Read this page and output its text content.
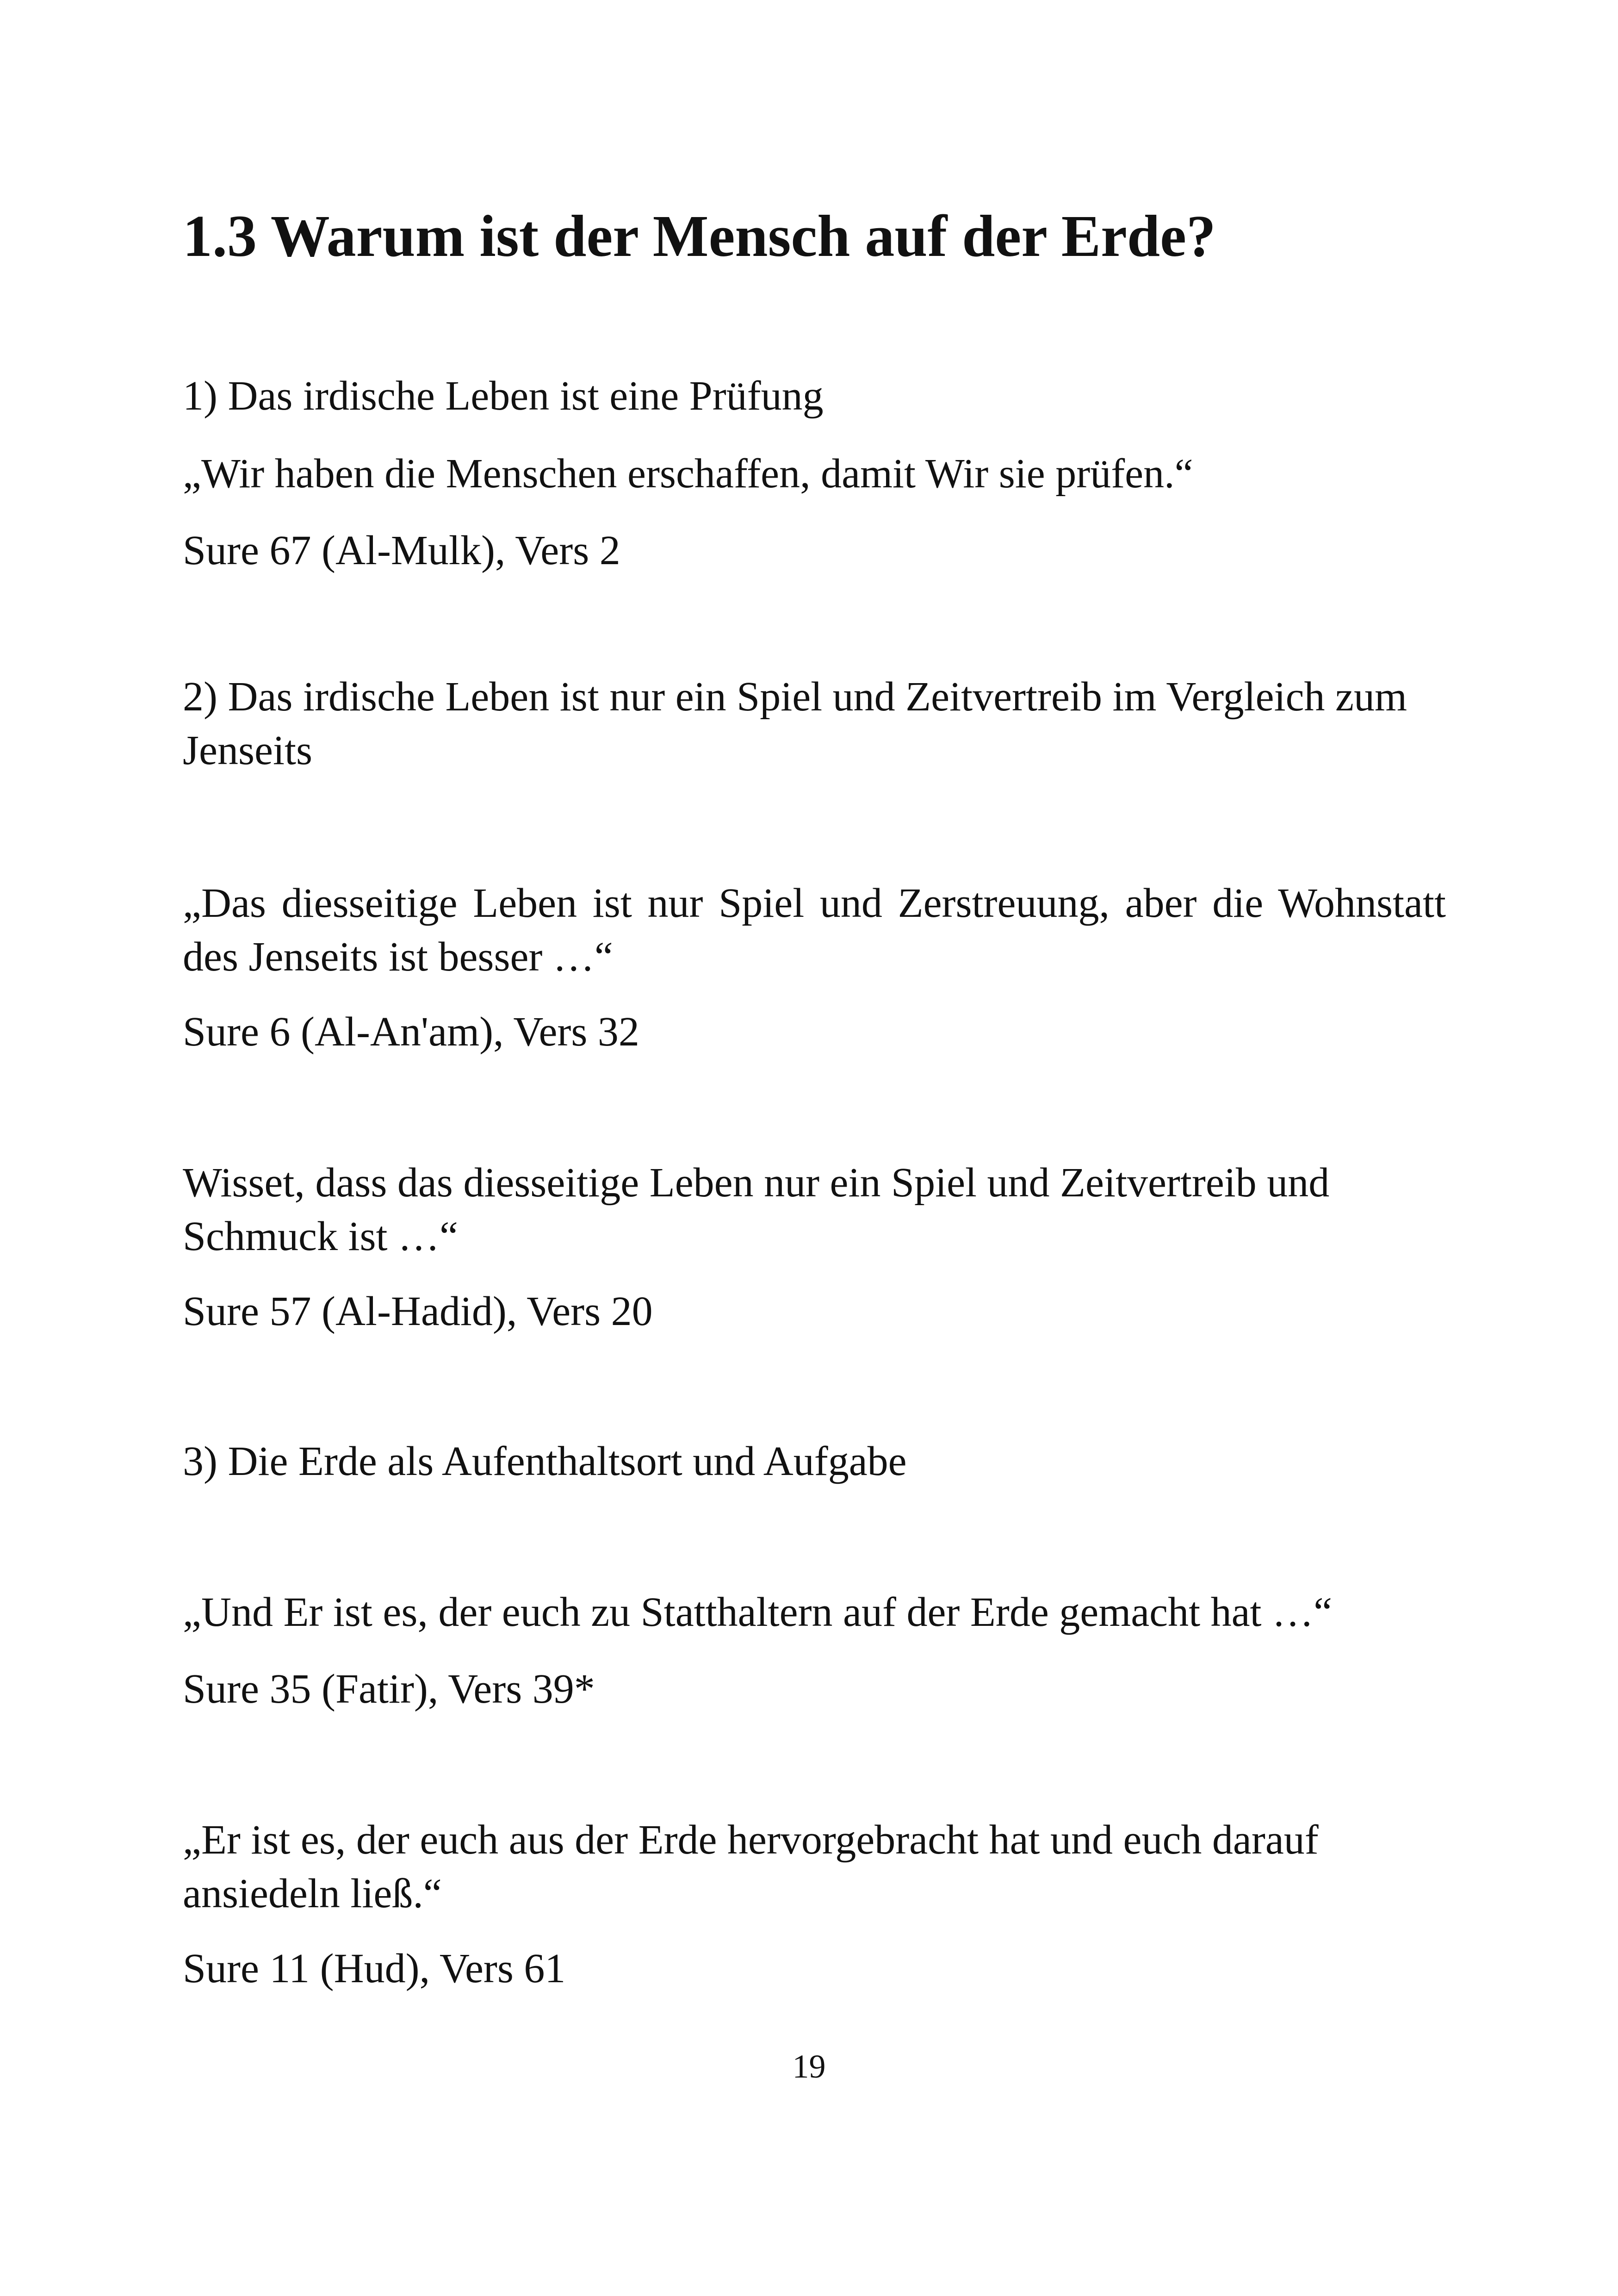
1.3 Warum ist der Mensch auf der Erde?

1) Das irdische Leben ist eine Prüfung

„Wir haben die Menschen erschaffen, damit Wir sie prüfen.“

Sure 67 (Al-Mulk), Vers 2

2) Das irdische Leben ist nur ein Spiel und Zeitvertreib im Vergleich zum Jenseits

„Das diesseitige Leben ist nur Spiel und Zerstreuung, aber die Wohnstatt des Jenseits ist besser …“

Sure 6 (Al-An'am), Vers 32

Wisset, dass das diesseitige Leben nur ein Spiel und Zeitvertreib und Schmuck ist …“

Sure 57 (Al-Hadid), Vers 20

3) Die Erde als Aufenthaltsort und Aufgabe

„Und Er ist es, der euch zu Statthaltern auf der Erde gemacht hat …“

Sure 35 (Fatir), Vers 39*

„Er ist es, der euch aus der Erde hervorgebracht hat und euch darauf ansiedeln ließ.“

Sure 11 (Hud), Vers 61

19
